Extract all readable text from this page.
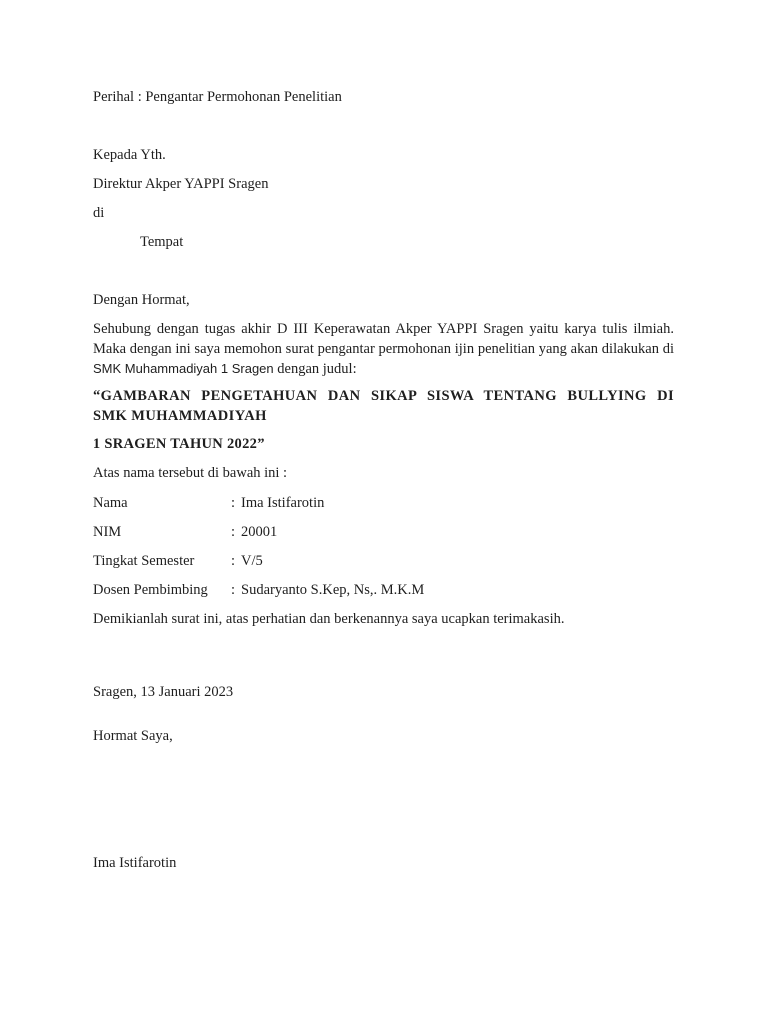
Perihal : Pengantar Permohonan Penelitian
Kepada Yth.
Direktur Akper YAPPI Sragen
di
Tempat
Dengan Hormat,
Sehubung dengan tugas akhir D III Keperawatan Akper YAPPI Sragen yaitu karya tulis ilmiah. Maka dengan ini saya memohon surat pengantar permohonan ijin penelitian yang akan dilakukan di SMK Muhammadiyah 1 Sragen dengan judul:
“GAMBARAN PENGETAHUAN DAN SIKAP SISWA TENTANG BULLYING DI
SMK MUHAMMADIYAH
1 SRAGEN TAHUN 2022”
Atas nama tersebut di bawah ini :
Nama	: Ima Istifarotin
NIM	: 20001
Tingkat Semester	: V/5
Dosen Pembimbing : Sudaryanto S.Kep, Ns,. M.K.M
Demikianlah surat ini, atas perhatian dan berkenannya saya ucapkan terimakasih.
Sragen, 13 Januari 2023
Hormat Saya,
Ima Istifarotin
